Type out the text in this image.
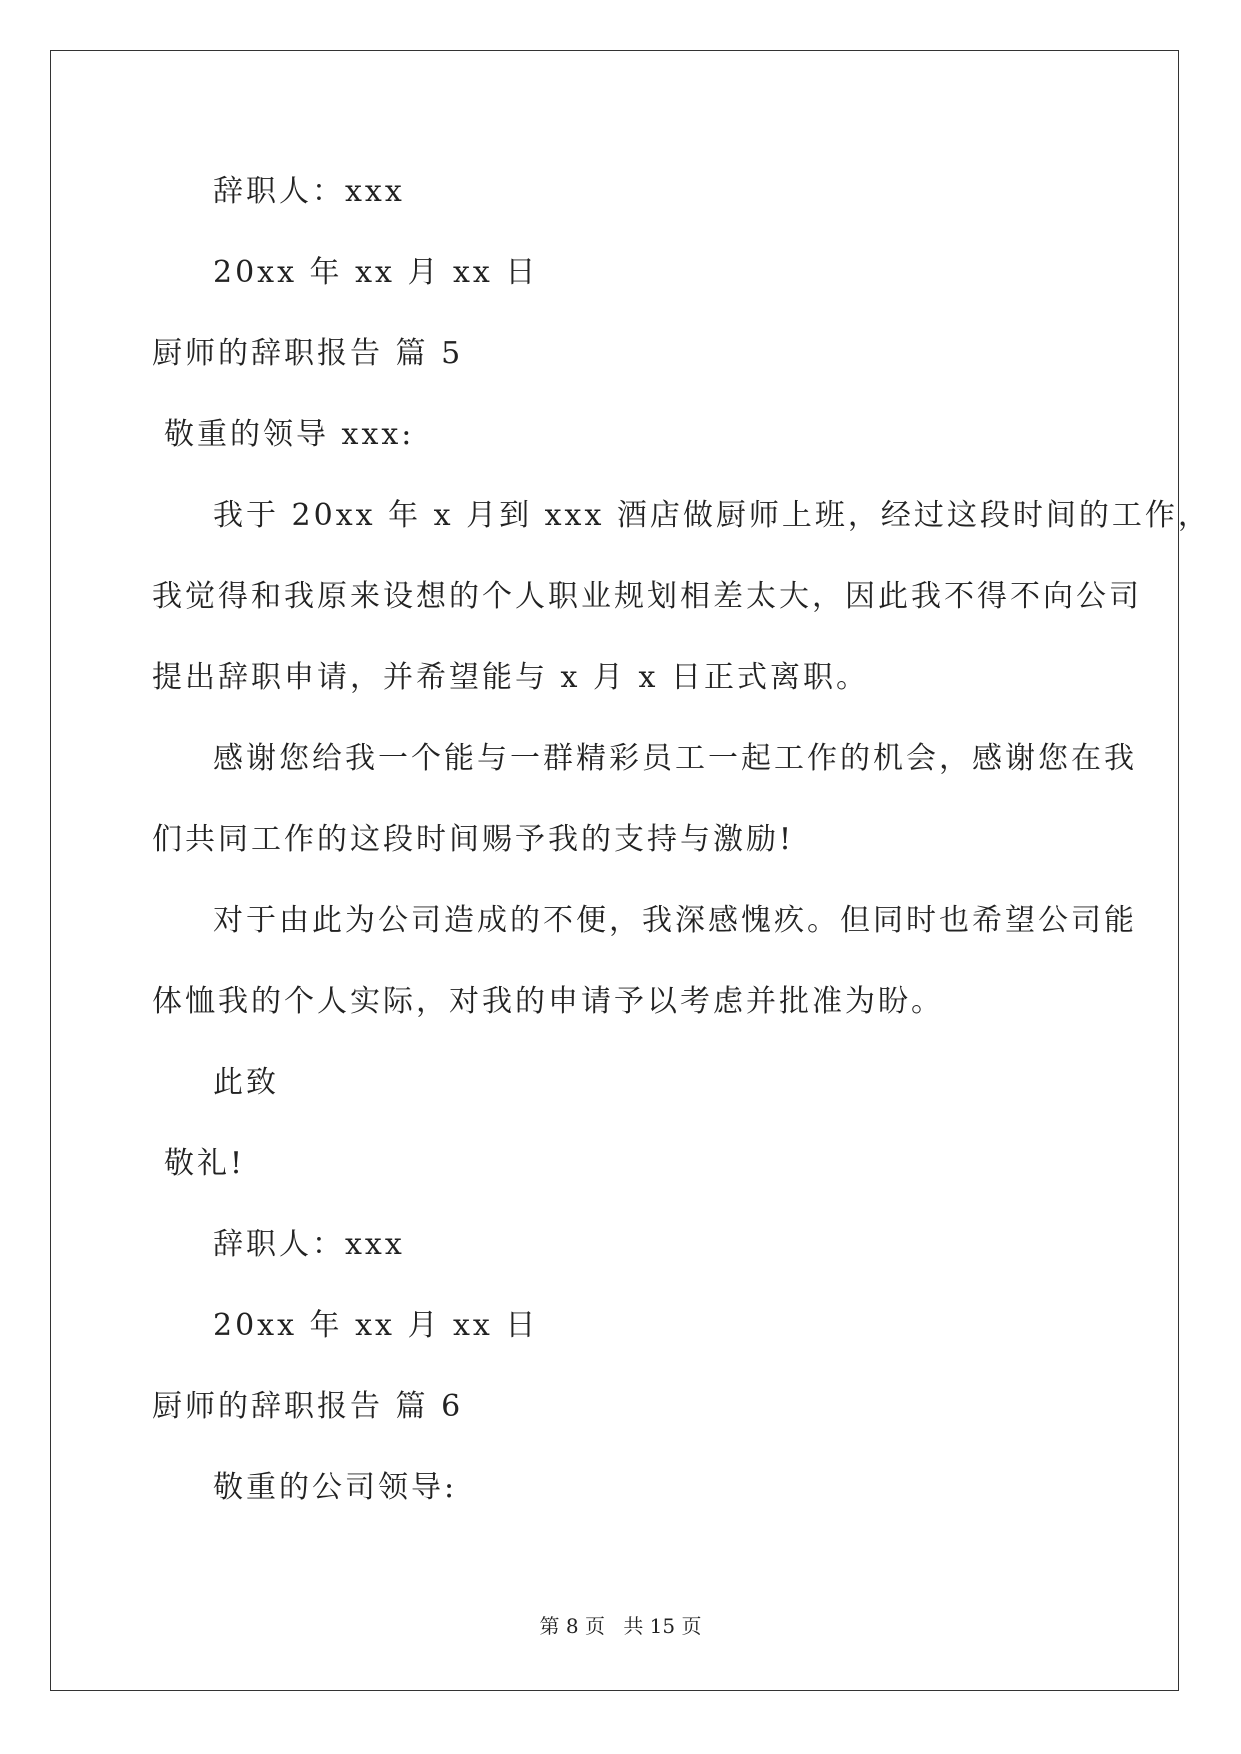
辞职人：xxx
20xx 年 xx 月 xx 日
厨师的辞职报告 篇 5
敬重的领导 xxx:
我于 20xx 年 x 月到 xxx 酒店做厨师上班，经过这段时间的工作，
我觉得和我原来设想的个人职业规划相差太大，因此我不得不向公司
提出辞职申请，并希望能与 x 月 x 日正式离职。
感谢您给我一个能与一群精彩员工一起工作的机会，感谢您在我
们共同工作的这段时间赐予我的支持与激励!
对于由此为公司造成的不便，我深感愧疚。但同时也希望公司能
体恤我的个人实际，对我的申请予以考虑并批准为盼。
此致
敬礼!
辞职人：xxx
20xx 年 xx 月 xx 日
厨师的辞职报告 篇 6
敬重的公司领导:
第 8 页 共 15 页
